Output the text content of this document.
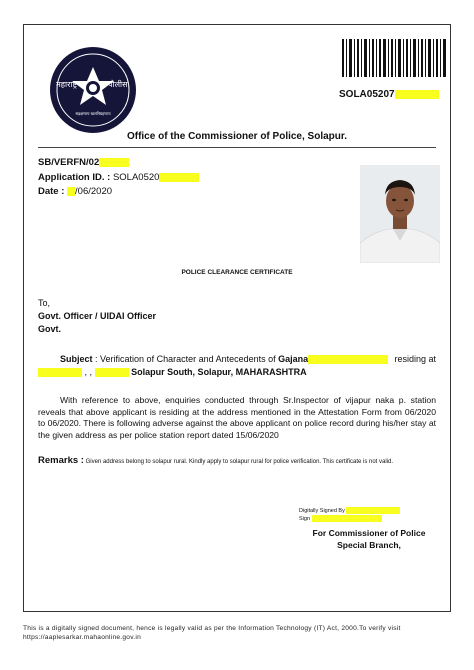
महाराष्ट्र	पोलीस
सद्रक्षणाय खलनिग्रहणाय
SOLA05207
Office of the Commissioner of Police, Solapur.
SB/VERFN/02
Application ID. : SOLA0520
Date : /06/2020
POLICE CLEARANCE CERTIFICATE
To,
Govt. Officer / UIDAI Officer
Govt.
Subject : Verification of Character and Antecedents of Gajana	residing at
, ,	Solapur South, Solapur, MAHARASHTRA
With reference to above, enquiries conducted through Sr.Inspector of vijapur naka p. station reveals that above applicant is residing at the address mentioned in the Attestation Form from 06/2020 to 06/2020. There is following adverse against the above applicant on police record during his/her stay at the given address as per police station report dated 15/06/2020
Remarks : Given address belong to solapur rural. Kindly apply to solapur rural for police verification. This certificate is not valid.
Digitally Signed By
Sign
For Commissioner of Police
Special Branch,
This is a digitally signed document, hence is legally valid as per the Information Technology (IT) Act, 2000.To verify visit
https://aaplesarkar.mahaonline.gov.in
